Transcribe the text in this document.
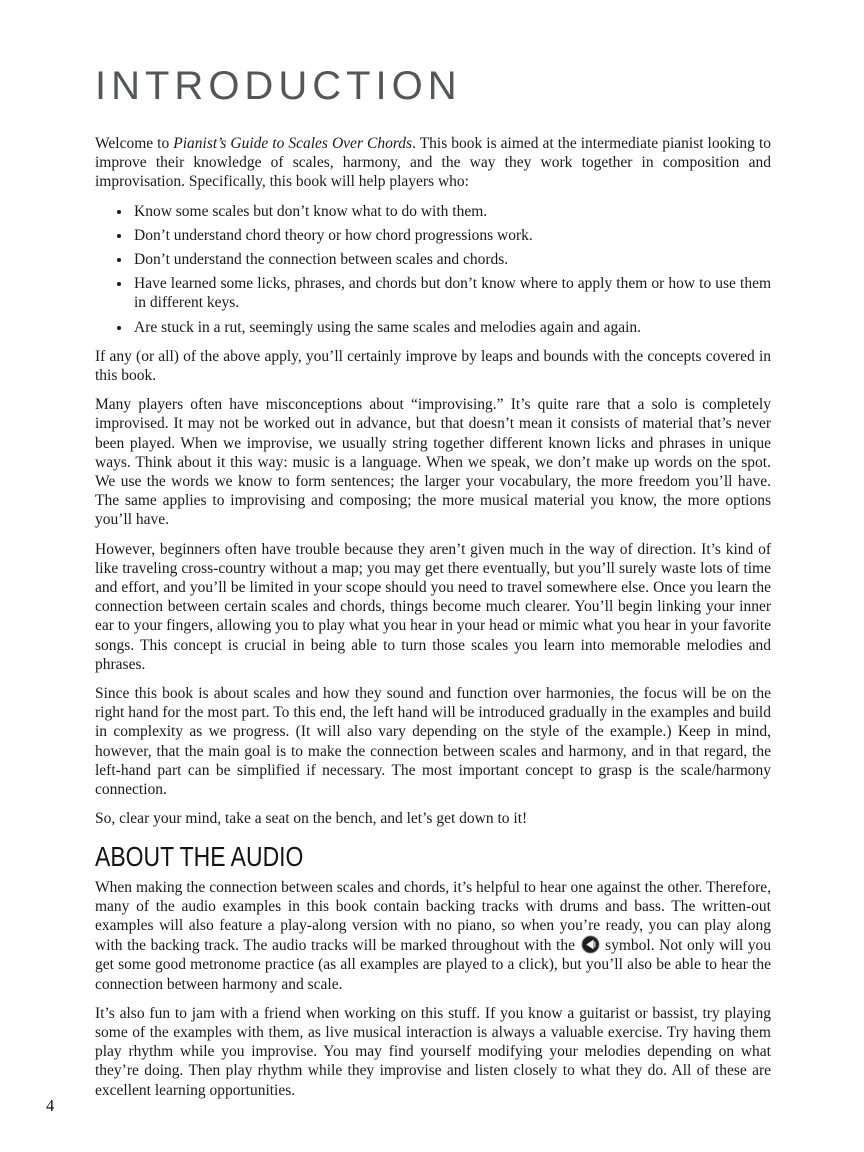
INTRODUCTION

Welcome to Pianist’s Guide to Scales Over Chords. This book is aimed at the intermediate pianist looking to improve their knowledge of scales, harmony, and the way they work together in composition and improvisation. Specifically, this book will help players who:

• Know some scales but don’t know what to do with them.
• Don’t understand chord theory or how chord progressions work.
• Don’t understand the connection between scales and chords.
• Have learned some licks, phrases, and chords but don’t know where to apply them or how to use them in different keys.
• Are stuck in a rut, seemingly using the same scales and melodies again and again.

If any (or all) of the above apply, you’ll certainly improve by leaps and bounds with the concepts covered in this book.

Many players often have misconceptions about “improvising.” It’s quite rare that a solo is completely improvised. It may not be worked out in advance, but that doesn’t mean it consists of material that’s never been played. When we improvise, we usually string together different known licks and phrases in unique ways. Think about it this way: music is a language. When we speak, we don’t make up words on the spot. We use the words we know to form sentences; the larger your vocabulary, the more freedom you’ll have. The same applies to improvising and composing; the more musical material you know, the more options you’ll have.

However, beginners often have trouble because they aren’t given much in the way of direction. It’s kind of like traveling cross-country without a map; you may get there eventually, but you’ll surely waste lots of time and effort, and you’ll be limited in your scope should you need to travel somewhere else. Once you learn the connection between certain scales and chords, things become much clearer. You’ll begin linking your inner ear to your fingers, allowing you to play what you hear in your head or mimic what you hear in your favorite songs. This concept is crucial in being able to turn those scales you learn into memorable melodies and phrases.

Since this book is about scales and how they sound and function over harmonies, the focus will be on the right hand for the most part. To this end, the left hand will be introduced gradually in the examples and build in complexity as we progress. (It will also vary depending on the style of the example.) Keep in mind, however, that the main goal is to make the connection between scales and harmony, and in that regard, the left-hand part can be simplified if necessary. The most important concept to grasp is the scale/harmony connection.

So, clear your mind, take a seat on the bench, and let’s get down to it!

ABOUT THE AUDIO

When making the connection between scales and chords, it’s helpful to hear one against the other. Therefore, many of the audio examples in this book contain backing tracks with drums and bass. The written-out examples will also feature a play-along version with no piano, so when you’re ready, you can play along with the backing track. The audio tracks will be marked throughout with the  symbol. Not only will you get some good metronome practice (as all examples are played to a click), but you’ll also be able to hear the connection between harmony and scale.

It’s also fun to jam with a friend when working on this stuff. If you know a guitarist or bassist, try playing some of the examples with them, as live musical interaction is always a valuable exercise. Try having them play rhythm while you improvise. You may find yourself modifying your melodies depending on what they’re doing. Then play rhythm while they improvise and listen closely to what they do. All of these are excellent learning opportunities.

4
